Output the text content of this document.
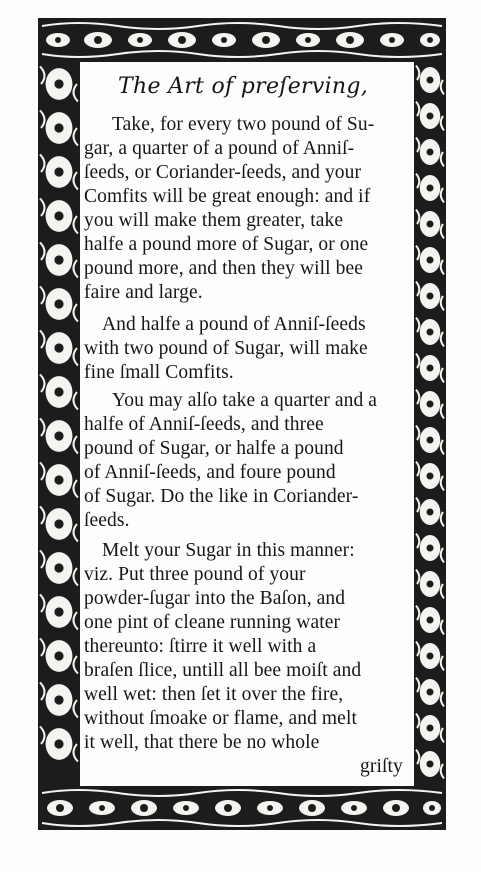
The Art of preſerving,
Take, for every two pound of Su-
gar, a quarter of a pound of Anniſ-
ſeeds, or Coriander-ſeeds, and your
Comfits will be great enough: and if
you will make them greater, take
halfe a pound more of Sugar, or one
pound more, and then they will bee
faire and large.
And halfe a pound of Anniſ-ſeeds
with two pound of Sugar, will make
fine ſmall Comfits.
You may alſo take a quarter and a
halfe of Anniſ-ſeeds, and three
pound of Sugar, or halfe a pound
of Anniſ-ſeeds, and foure pound
of Sugar. Do the like in Coriander-
ſeeds.
Melt your Sugar in this manner:
viz. Put three pound of your
powder-ſugar into the Baſon, and
one pint of cleane running water
thereunto: ſtirre it well with a
braſen ſlice, untill all bee moiſt and
well wet: then ſet it over the fire,
without ſmoake or flame, and melt
it well, that there be no whole
griſty
